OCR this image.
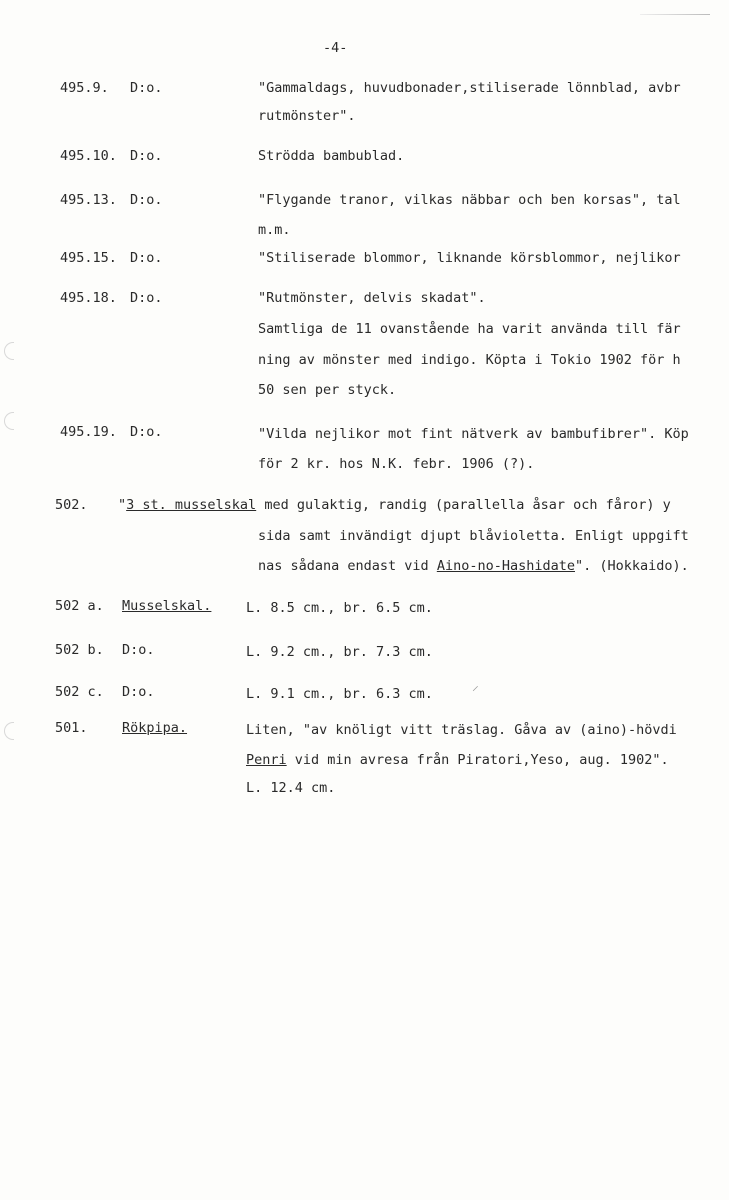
-4-
495.9. D:o.	"Gammaldags, huvudbonader,stiliserade lönnblad, avbr
rutmönster".
495.10. D:o.	Strödda bambublad.
495.13. D:o.	"Flygande tranor, vilkas näbbar och ben korsas", tal
m.m.
495.15. D:o.	"Stiliserade blommor, liknande körsblommor, nejlikor
495.18. D:o.	"Rutmönster, delvis skadat".
Samtliga de 11 ovanstående ha varit använda till fär
ning av mönster med indigo. Köpta i Tokio 1902 för h
50 sen per styck.
495.19. D:o.	"Vilda nejlikor mot fint nätverk av bambufibrer". Köp
för 2 kr. hos N.K. febr. 1906 (?).
502. "3 st. musselskal med gulaktig, randig (parallella åsar och fåror) y
sida samt invändigt djupt blåvioletta. Enligt uppgift
nas sådana endast vid Aino-no-Hashidate". (Hokkaido).
502 a. Musselskal.	L. 8.5 cm., br. 6.5 cm.
502 b. D:o.	L. 9.2 cm., br. 7.3 cm.
502 c. D:o.	L. 9.1 cm., br. 6.3 cm.	⸝
501.	Rökpipa.	Liten, "av knöligt vitt träslag. Gåva av (aino)-hövdi
Penri vid min avresa från Piratori,Yeso, aug. 1902".
L. 12.4 cm.
